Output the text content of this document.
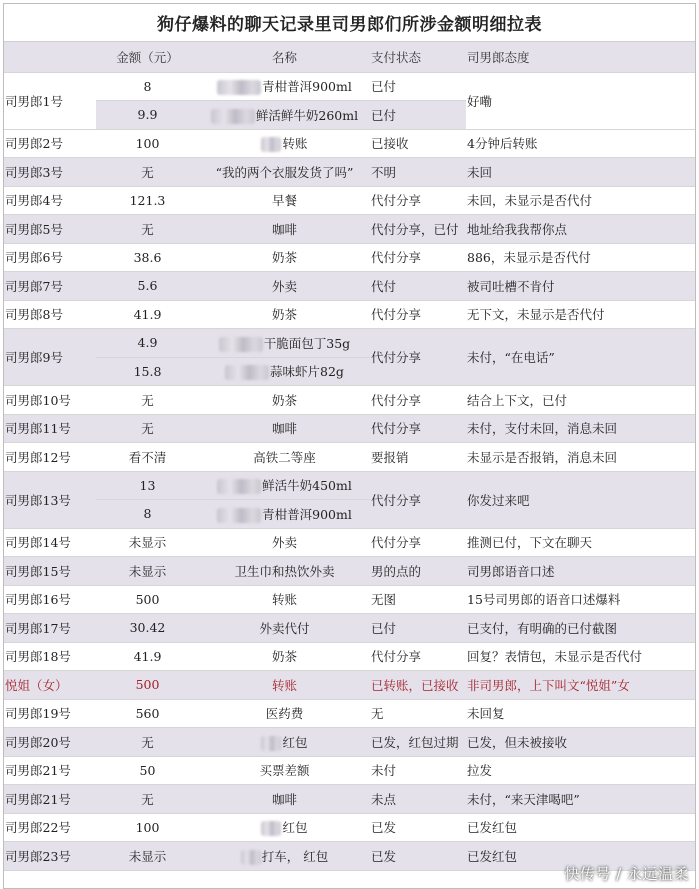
狗仔爆料的聊天记录里司男郎们所涉金额明细拉表
	金额（元）	名称	支付状态	司男郎态度
司男郎1号	8	青柑普洱900ml	已付	好嘞
	9.9	鲜活鲜牛奶260ml	已付	
司男郎2号	100	转账	已接收	4分钟后转账
司男郎3号	无	“我的两个衣服发货了吗”	不明	未回
司男郎4号	121.3	早餐	代付分享	未回，未显示是否代付
司男郎5号	无	咖啡	代付分享，已付	地址给我我帮你点
司男郎6号	38.6	奶茶	代付分享	886，未显示是否代付
司男郎7号	5.6	外卖	代付	被司吐槽不肯付
司男郎8号	41.9	奶茶	代付分享	无下文，未显示是否代付
司男郎9号	4.9	干脆面包丁35g	代付分享	未付，“在电话”
	15.8	蒜味虾片82g		
司男郎10号	无	奶茶	代付分享	结合上下文，已付
司男郎11号	无	咖啡	代付分享	未付，支付未回，消息未回
司男郎12号	看不清	高铁二等座	要报销	未显示是否报销，消息未回
司男郎13号	13	鲜活牛奶450ml	代付分享	你发过来吧
	8	青柑普洱900ml		
司男郎14号	未显示	外卖	代付分享	推测已付，下文在聊天
司男郎15号	未显示	卫生巾和热饮外卖	男的点的	司男郎语音口述
司男郎16号	500	转账	无图	15号司男郎的语音口述爆料
司男郎17号	30.42	外卖代付	已付	已支付，有明确的已付截图
司男郎18号	41.9	奶茶	代付分享	回复？表情包，未显示是否代付
悦姐（女）	500	转账	已转账，已接收	非司男郎，上下叫文“悦姐”女
司男郎19号	560	医药费	无	未回复
司男郎20号	无	红包	已发，红包过期	已发，但未被接收
司男郎21号	50	买票差额	未付	拉发
司男郎21号	无	咖啡	未点	未付，“来天津喝吧”
司男郎22号	100	红包	已发	已发红包
司男郎23号	未显示	打车， 红包	已发	已发红包
快传号 / 永远温柔
